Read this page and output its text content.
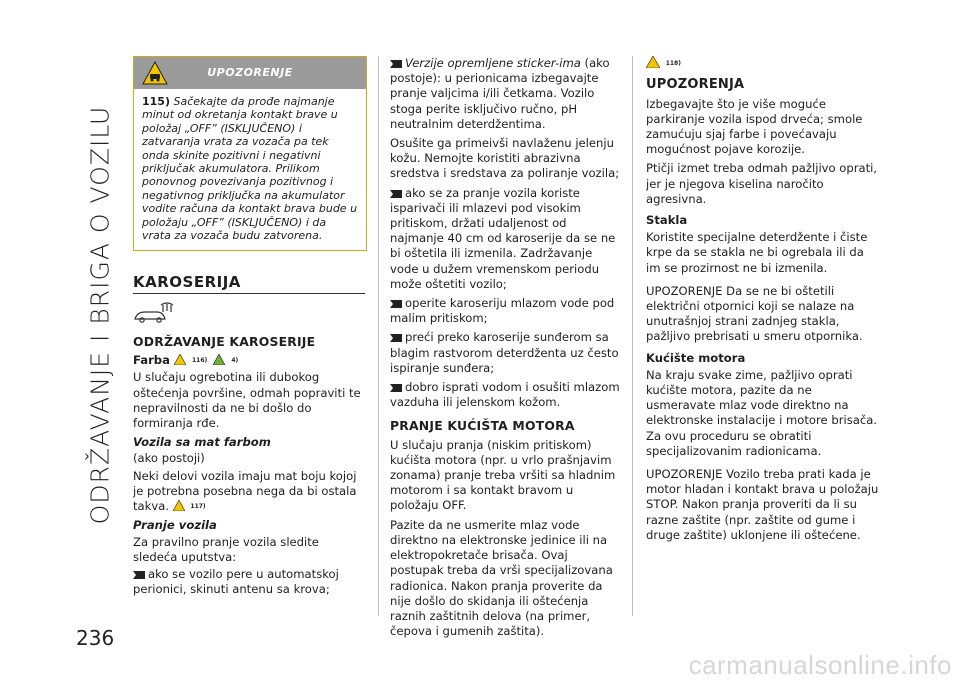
ODRŽAVANJE I BRIGA O VOZILU
UPOZORENJE
115) Sačekajte da prođe najmanje minut od okretanja kontakt brave u položaj „OFF” (ISKLJUČENO) i zatvaranja vrata za vozača pa tek onda skinite pozitivni i negativni priključak akumulatora. Prilikom ponovnog povezivanja pozitivnog i negativnog priključka na akumulator vodite računa da kontakt brava bude u položaju „OFF” (ISKLJUČENO) i da vrata za vozača budu zatvorena.
KAROSERIJA
ODRŽAVANJE KAROSERIJE
Farba	116)	4)

U slučaju ogrebotina ili dubokog oštećenja površine, odmah popraviti te nepravilnosti da ne bi došlo do formiranja rđe.

Vozila sa mat farbom

(ako postoji)

Neki delovi vozila imaju mat boju kojoj je potrebna posebna nega da bi ostala takva.	117)

Pranje vozila

Za pravilno pranje vozila sledite sledeća uputstva:

ako se vozilo pere u automatskoj perionici, skinuti antenu sa krova;

Verzije opremljene sticker-ima (ako postoje): u perionicama izbegavajte pranje valjcima i/ili četkama. Vozilo stoga perite isključivo ručno, pH neutralnim deterdžentima.

Osušite ga primeivši navlaženu jelenju kožu. Nemojte koristiti abrazivna sredstva i sredstava za poliranje vozila;

ako se za pranje vozila koriste isparivači ili mlazevi pod visokim pritiskom, držati udaljenost od najmanje 40 cm od karoserije da se ne bi oštetila ili izmenila. Zadržavanje vode u dužem vremenskom periodu može oštetiti vozilo;

operite karoseriju mlazom vode pod malim pritiskom;

preći preko karoserije sunđerom sa blagim rastvorom deterdženta uz često ispiranje sunđera;

dobro isprati vodom i osušiti mlazom vazduha ili jelenskom kožom.

PRANJE KUĆIŠTA MOTORA

U slučaju pranja (niskim pritiskom) kućišta motora (npr. u vrlo prašnjavim zonama) pranje treba vršiti sa hladnim motorom i sa kontakt bravom u položaju OFF.

Pazite da ne usmerite mlaz vode direktno na elektronske jedinice ili na elektropokretače brisača. Ovaj postupak treba da vrši specijalizovana radionica. Nakon pranja proverite da nije došlo do skidanja ili oštećenja raznih zaštitnih delova (na primer, čepova i gumenih zaštita).

118)
UPOZORENJA

Izbegavajte što je više moguće parkiranje vozila ispod drveća; smole zamućuju sjaj farbe i povećavaju mogućnost pojave korozije.

Ptičji izmet treba odmah pažljivo oprati, jer je njegova kiselina naročito agresivna.

Stakla

Koristite specijalne deterdžente i čiste krpe da se stakla ne bi ogrebala ili da im se prozirnost ne bi izmenila.

UPOZORENJE Da se ne bi oštetili električni otpornici koji se nalaze na unutrašnjoj strani zadnjeg stakla, pažljivo prebrisati u smeru otpornika.

Kućište motora

Na kraju svake zime, pažljivo oprati kućište motora, pazite da ne usmeravate mlaz vode direktno na elektronske instalacije i motore brisača. Za ovu proceduru se obratiti specijalizovanim radionicama.

UPOZORENJE Vozilo treba prati kada je motor hladan i kontakt brava u položaju STOP. Nakon pranja proveriti da li su razne zaštite (npr. zaštite od gume i druge zaštite) uklonjene ili oštećene.

236
carmanualsonline.info
